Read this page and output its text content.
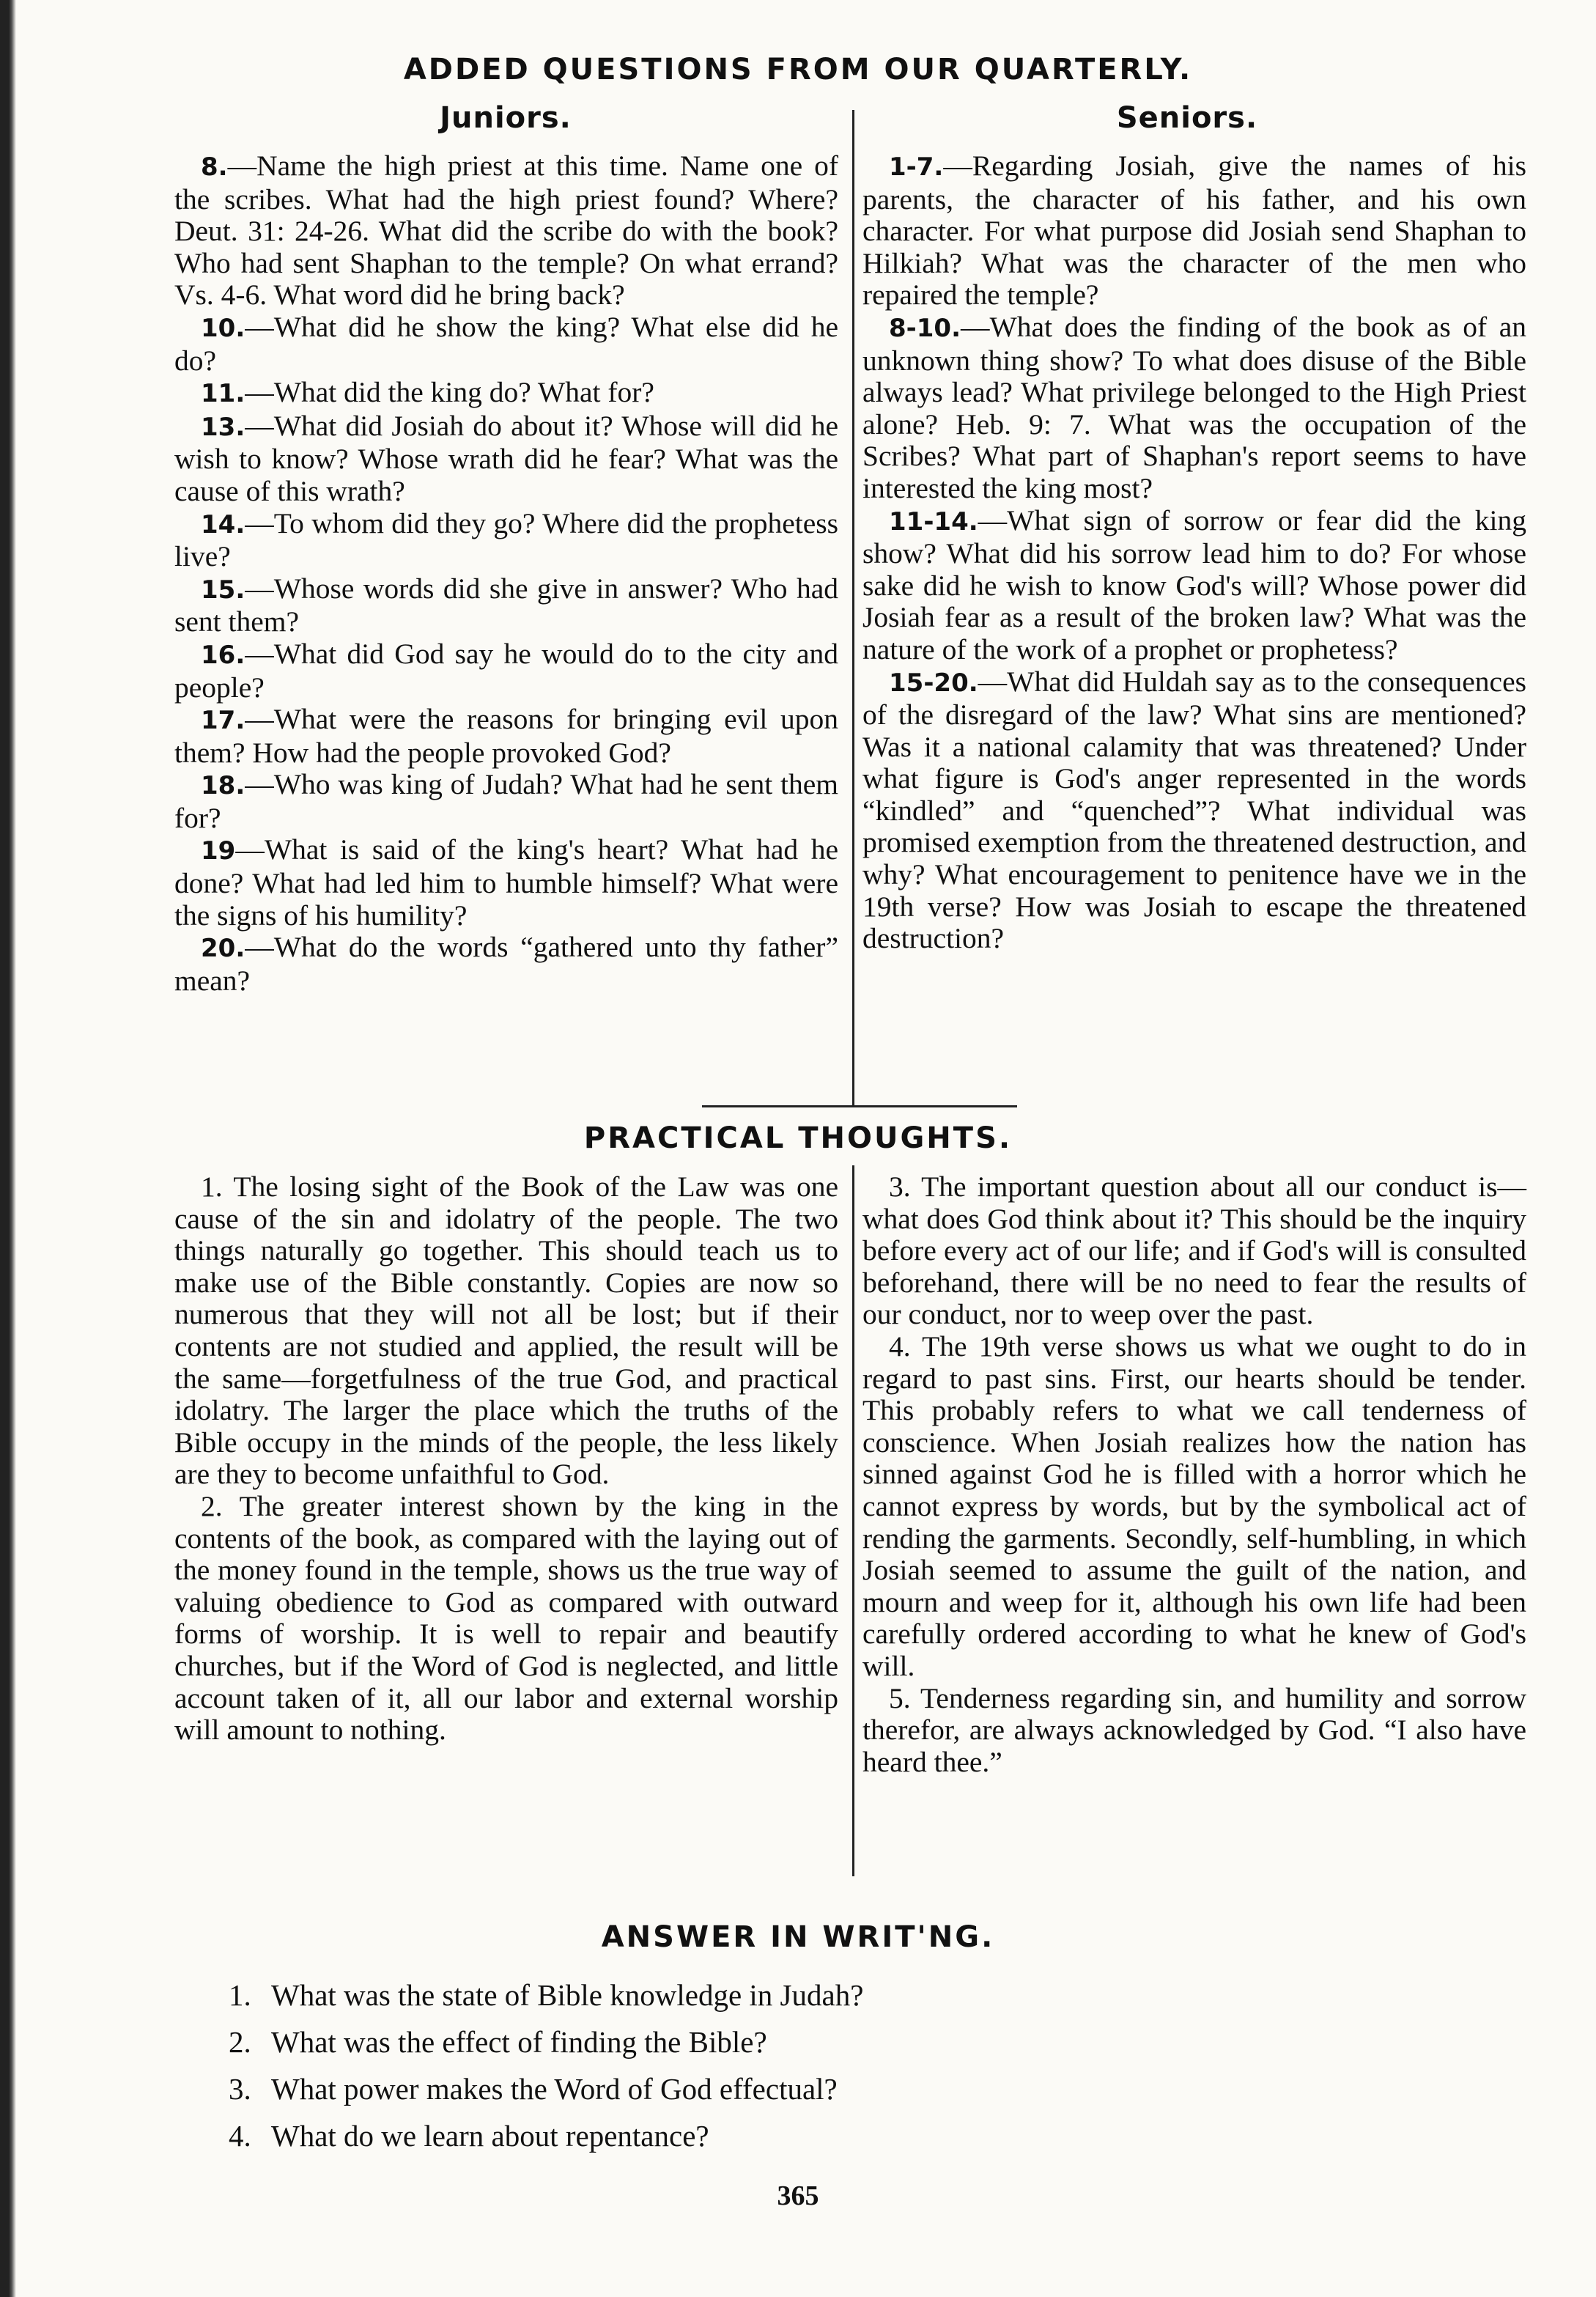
ADDED QUESTIONS FROM OUR QUARTERLY.
Juniors.	Seniors.

8.—Name the high priest at this time. Name one of the scribes. What had the high priest found? Where? Deut. 31: 24-26. What did the scribe do with the book? Who had sent Shaphan to the temple? On what errand? Vs. 4-6. What word did he bring back?

10.—What did he show the king? What else did he do?

11.—What did the king do? What for?

13.—What did Josiah do about it? Whose will did he wish to know? Whose wrath did he fear? What was the cause of this wrath?

14.—To whom did they go? Where did the prophetess live?

15.—Whose words did she give in answer? Who had sent them?

16.—What did God say he would do to the city and people?

17.—What were the reasons for bringing evil upon them? How had the people provoked God?

18.—Who was king of Judah? What had he sent them for?

19—What is said of the king's heart? What had he done? What had led him to humble himself? What were the signs of his humility?

20.—What do the words “gathered unto thy father” mean?

1-7.—Regarding Josiah, give the names of his parents, the character of his father, and his own character. For what purpose did Josiah send Shaphan to Hilkiah? What was the character of the men who repaired the temple?

8-10.—What does the finding of the book as of an unknown thing show? To what does disuse of the Bible always lead? What privilege belonged to the High Priest alone? Heb. 9: 7. What was the occupation of the Scribes? What part of Shaphan's report seems to have interested the king most?

11-14.—What sign of sorrow or fear did the king show? What did his sorrow lead him to do? For whose sake did he wish to know God's will? Whose power did Josiah fear as a result of the broken law? What was the nature of the work of a prophet or prophetess?

15-20.—What did Huldah say as to the consequences of the disregard of the law? What sins are mentioned? Was it a national calamity that was threatened? Under what figure is God's anger represented in the words “kindled” and “quenched”? What individual was promised exemption from the threatened destruction, and why? What encouragement to penitence have we in the 19th verse? How was Josiah to escape the threatened destruction?

PRACTICAL THOUGHTS.

1. The losing sight of the Book of the Law was one cause of the sin and idolatry of the people. The two things naturally go together. This should teach us to make use of the Bible constantly. Copies are now so numerous that they will not all be lost; but if their contents are not studied and applied, the result will be the same—forgetfulness of the true God, and practical idolatry. The larger the place which the truths of the Bible occupy in the minds of the people, the less likely are they to become unfaithful to God.

2. The greater interest shown by the king in the contents of the book, as compared with the laying out of the money found in the temple, shows us the true way of valuing obedience to God as compared with outward forms of worship. It is well to repair and beautify churches, but if the Word of God is neglected, and little account taken of it, all our labor and external worship will amount to nothing.

3. The important question about all our conduct is—what does God think about it? This should be the inquiry before every act of our life; and if God's will is consulted beforehand, there will be no need to fear the results of our conduct, nor to weep over the past.

4. The 19th verse shows us what we ought to do in regard to past sins. First, our hearts should be tender. This probably refers to what we call tenderness of conscience. When Josiah realizes how the nation has sinned against God he is filled with a horror which he cannot express by words, but by the symbolical act of rending the garments. Secondly, self-humbling, in which Josiah seemed to assume the guilt of the nation, and mourn and weep for it, although his own life had been carefully ordered according to what he knew of God's will.

5. Tenderness regarding sin, and humility and sorrow therefor, are always acknowledged by God. “I also have heard thee.”

ANSWER IN WRIT'NG.
1. What was the state of Bible knowledge in Judah?
2. What was the effect of finding the Bible?
3. What power makes the Word of God effectual?
4. What do we learn about repentance?
365
